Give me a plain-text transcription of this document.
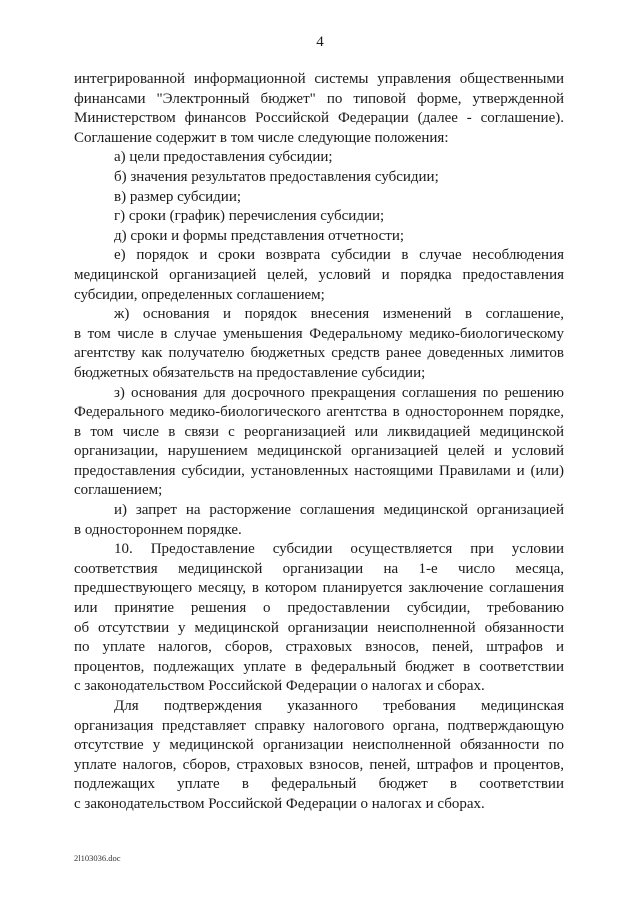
4

интегрированной информационной системы управления общественными

финансами "Электронный бюджет" по типовой форме, утвержденной

Министерством финансов Российской Федерации (далее - соглашение).

Соглашение содержит в том числе следующие положения:

а) цели предоставления субсидии;

б) значения результатов предоставления субсидии;

в) размер субсидии;

г) сроки (график) перечисления субсидии;

д) сроки и формы представления отчетности;

е) порядок и сроки возврата субсидии в случае несоблюдения

медицинской организацией целей, условий и порядка предоставления

субсидии, определенных соглашением;

ж) основания и порядок внесения изменений в соглашение,

в том числе в случае уменьшения Федеральному медико-биологическому

агентству как получателю бюджетных средств ранее доведенных лимитов

бюджетных обязательств на предоставление субсидии;

з) основания для досрочного прекращения соглашения по решению

Федерального медико-биологического агентства в одностороннем порядке,

в том числе в связи с реорганизацией или ликвидацией медицинской

организации, нарушением медицинской организацией целей и условий

предоставления субсидии, установленных настоящими Правилами и (или)

соглашением;

и) запрет на расторжение соглашения медицинской организацией

в одностороннем порядке.

10. Предоставление субсидии осуществляется при условии

соответствия медицинской организации на 1-е число месяца,

предшествующего месяцу, в котором планируется заключение соглашения

или принятие решения о предоставлении субсидии, требованию

об отсутствии у медицинской организации неисполненной обязанности

по уплате налогов, сборов, страховых взносов, пеней, штрафов и

процентов, подлежащих уплате в федеральный бюджет в соответствии

с законодательством Российской Федерации о налогах и сборах.

Для подтверждения указанного требования медицинская

организация представляет справку налогового органа, подтверждающую

отсутствие у медицинской организации неисполненной обязанности по

уплате налогов, сборов, страховых взносов, пеней, штрафов и процентов,

подлежащих уплате в федеральный бюджет в соответствии

с законодательством Российской Федерации о налогах и сборах.

2l103036.doc
